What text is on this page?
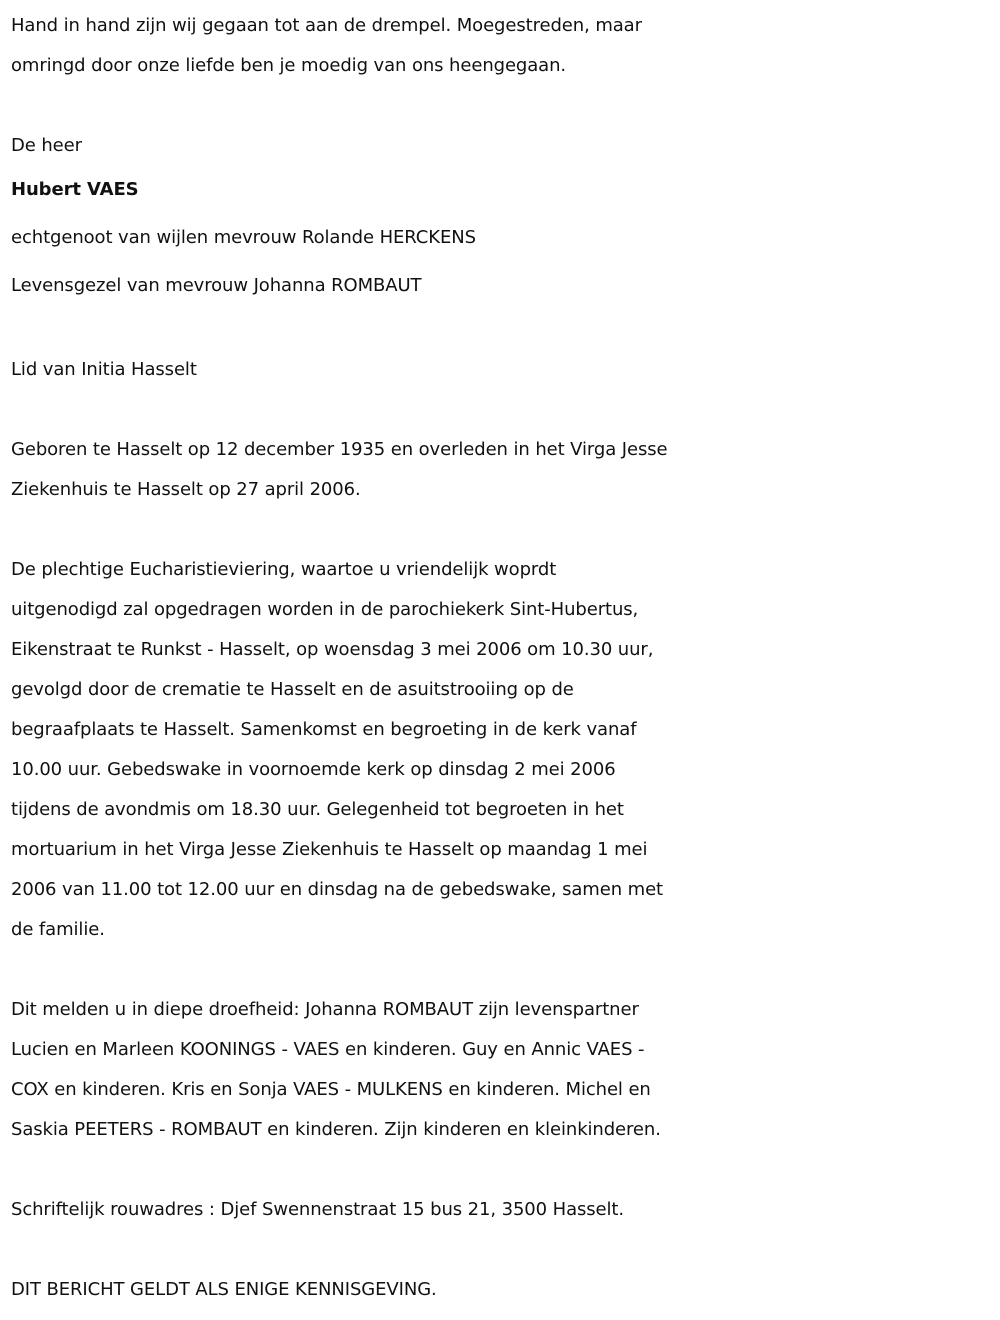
Hand in hand zijn wij gegaan tot aan de drempel. Moegestreden, maar
omringd door onze liefde ben je moedig van ons heengegaan.
De heer
Hubert VAES
echtgenoot van wijlen mevrouw Rolande HERCKENS
Levensgezel van mevrouw Johanna ROMBAUT
Lid van Initia Hasselt
Geboren te Hasselt op 12 december 1935 en overleden in het Virga Jesse
Ziekenhuis te Hasselt op 27 april 2006.
De plechtige Eucharistieviering, waartoe u vriendelijk woprdt
uitgenodigd zal opgedragen worden in de parochiekerk Sint-Hubertus,
Eikenstraat te Runkst - Hasselt, op woensdag 3 mei 2006 om 10.30 uur,
gevolgd door de crematie te Hasselt en de asuitstrooiing op de
begraafplaats te Hasselt. Samenkomst en begroeting in de kerk vanaf
10.00 uur. Gebedswake in voornoemde kerk op dinsdag 2 mei 2006
tijdens de avondmis om 18.30 uur. Gelegenheid tot begroeten in het
mortuarium in het Virga Jesse Ziekenhuis te Hasselt op maandag 1 mei
2006 van 11.00 tot 12.00 uur en dinsdag na de gebedswake, samen met
de familie.
Dit melden u in diepe droefheid: Johanna ROMBAUT zijn levenspartner
Lucien en Marleen KOONINGS - VAES en kinderen. Guy en Annic VAES -
COX en kinderen. Kris en Sonja VAES - MULKENS en kinderen. Michel en
Saskia PEETERS - ROMBAUT en kinderen. Zijn kinderen en kleinkinderen.
Schriftelijk rouwadres : Djef Swennenstraat 15 bus 21, 3500 Hasselt.
DIT BERICHT GELDT ALS ENIGE KENNISGEVING.
